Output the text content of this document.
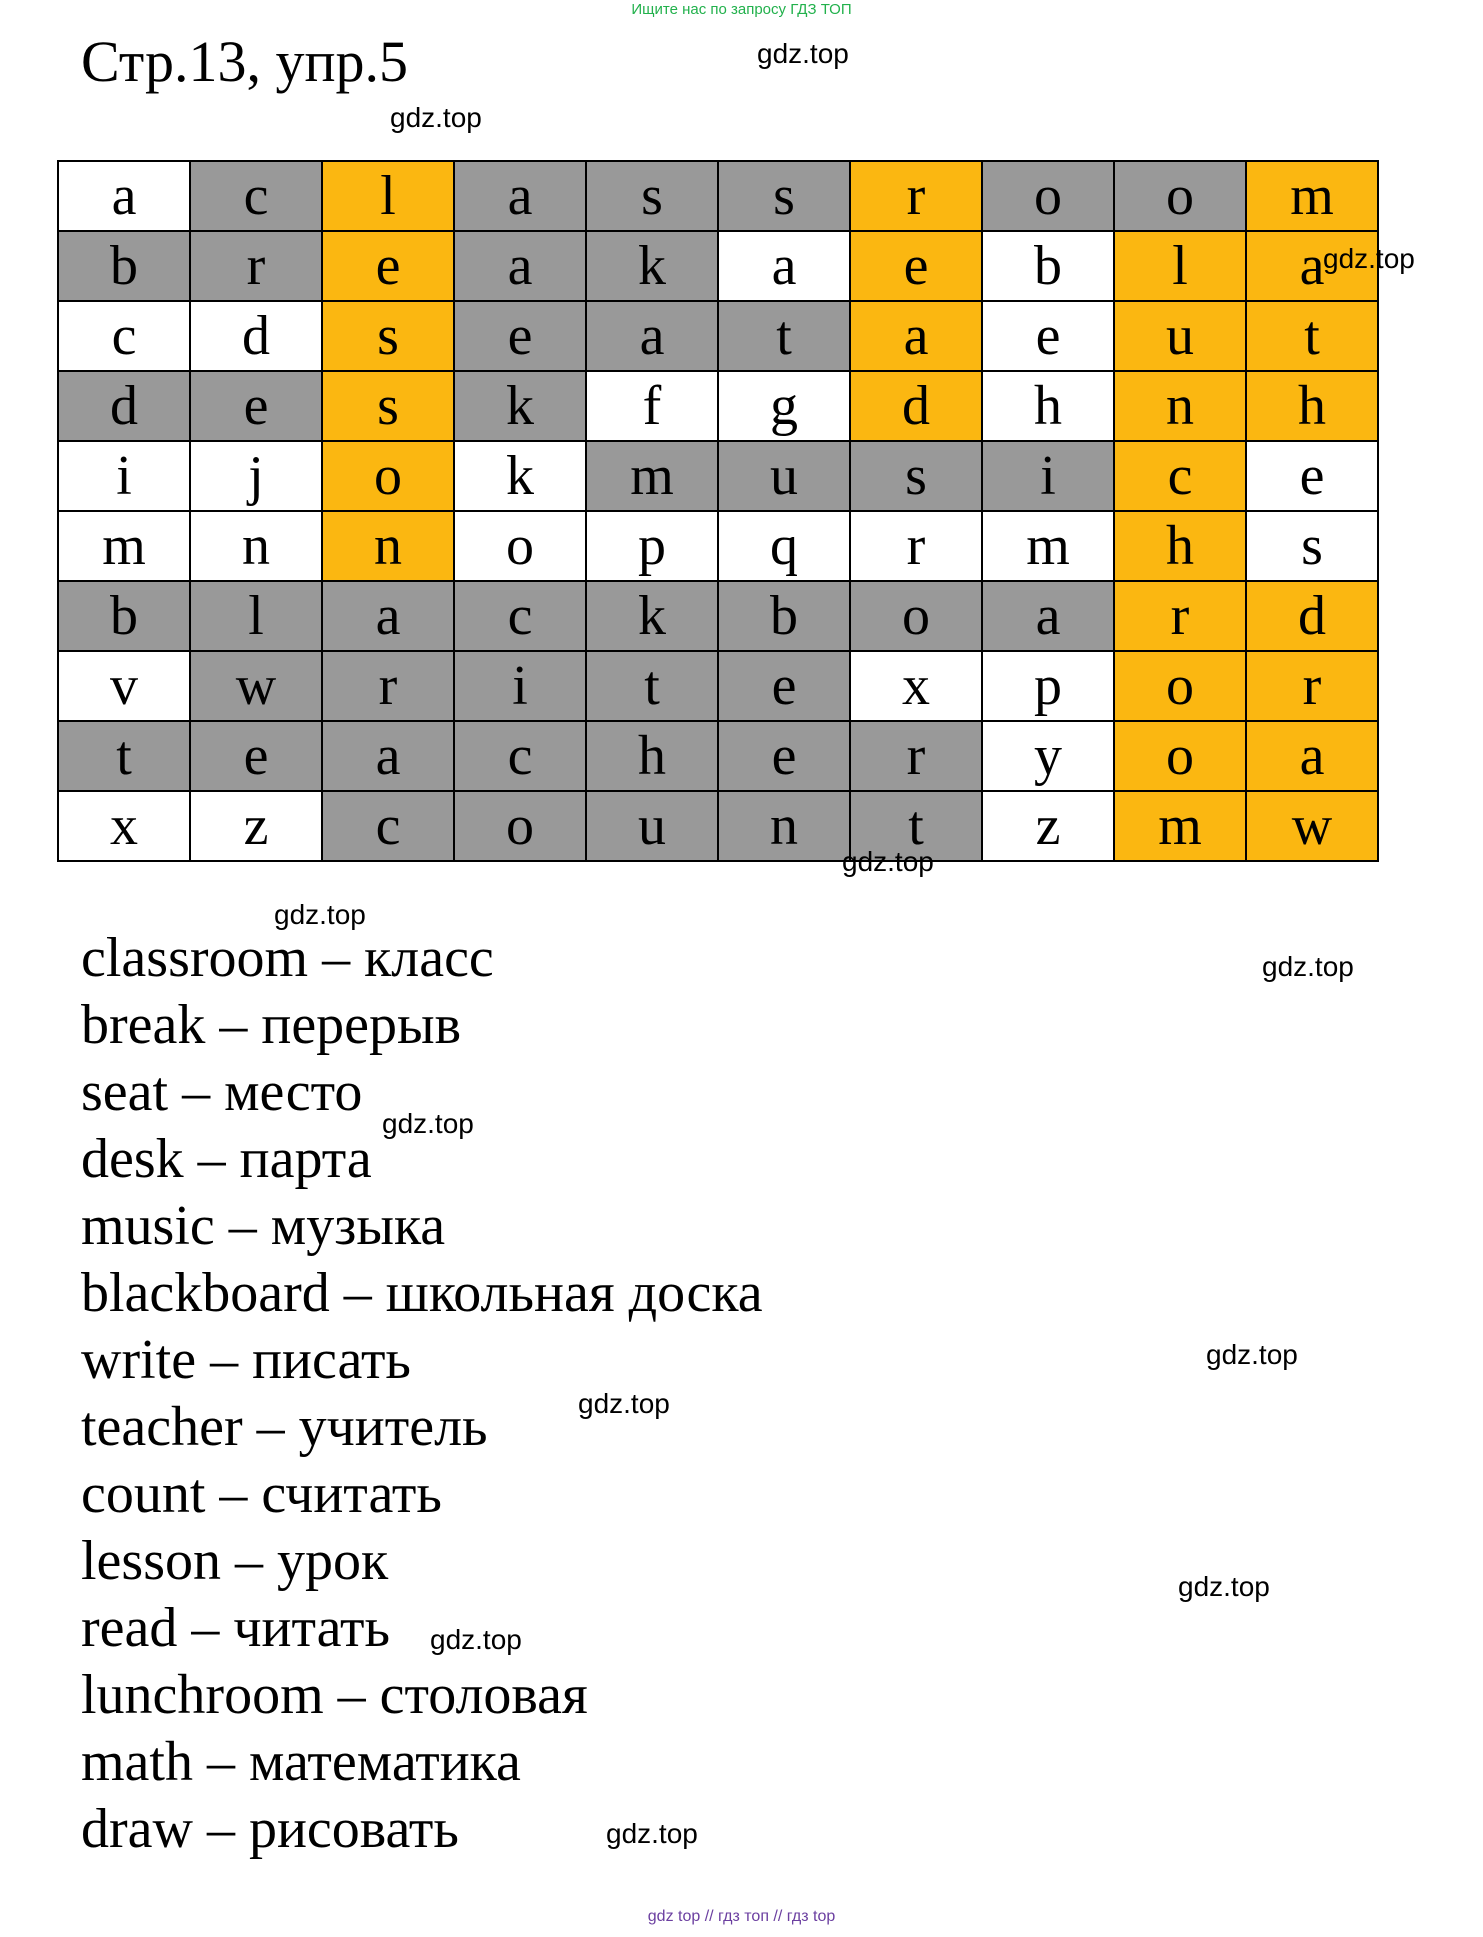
Ищите нас по запросу ГДЗ ТОП
Стр.13, упр.5
a	c	l	a	s	s	r	o	o	m
b	r	e	a	k	a	e	b	l	a
c	d	s	e	a	t	a	e	u	t
d	e	s	k	f	g	d	h	n	h
i	j	o	k	m	u	s	i	c	e
m	n	n	o	p	q	r	m	h	s
b	l	a	c	k	b	o	a	r	d
v	w	r	i	t	e	x	p	o	r
t	e	a	c	h	e	r	y	o	a
x	z	c	o	u	n	t	z	m	w
classroom – класс
break – перерыв
seat – место
desk – парта
music – музыка
blackboard – школьная доска
write – писать
teacher – учитель
count – считать
lesson – урок
read – читать
lunchroom – столовая
math – математика
draw – рисовать
gdz.top
gdz.top
gdz.top
gdz.top
gdz.top
gdz.top
gdz.top
gdz.top
gdz.top
gdz.top
gdz.top
gdz.top
gdz top // гдз топ // гдз top
